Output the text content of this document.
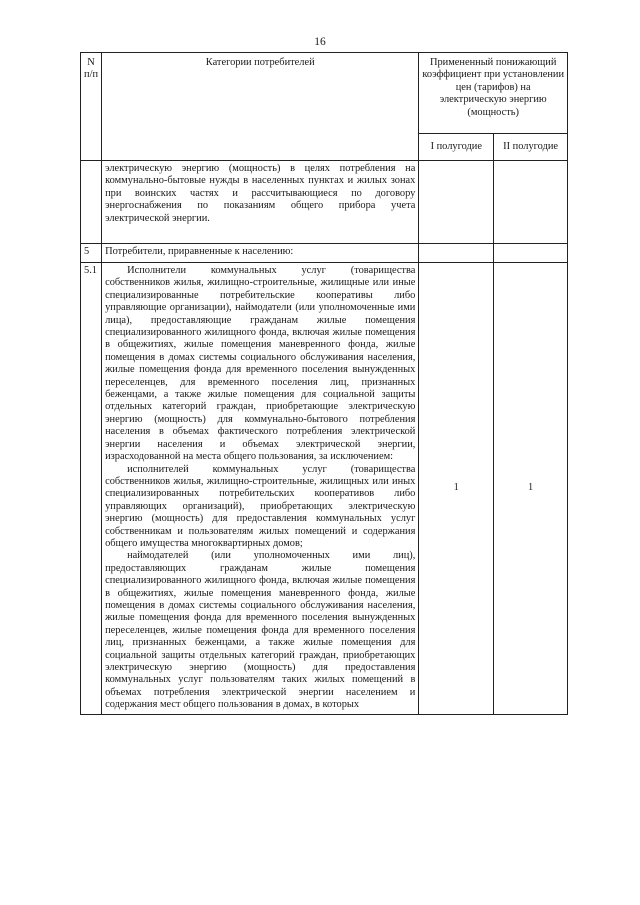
16
N
п/п	Категории потребителей	Примененный понижающий коэффициент при установлении цен (тарифов) на электрическую энергию (мощность)	
		I полугодие	II полугодие
	электрическую энергию (мощность) в целях потребления на коммунально-бытовые нужды в населенных пунктах и жилых зонах при воинских частях и рассчитывающиеся по договору энергоснабжения по показаниям общего прибора учета электрической энергии.		
5	Потребители, приравненные к населению:		
5.1	Исполнители коммунальных услуг (товарищества собственников жилья, жилищно-строительные, жилищные или иные специализированные потребительские кооперативы либо управляющие организации), наймодатели (или уполномоченные ими лица), предоставляющие гражданам жилые помещения специализированного жилищного фонда, включая жилые помещения в общежитиях, жилые помещения маневренного фонда, жилые помещения в домах системы социального обслуживания населения, жилые помещения фонда для временного поселения вынужденных переселенцев, для временного поселения лиц, признанных беженцами, а также жилые помещения для социальной защиты отдельных категорий граждан, приобретающие электрическую энергию (мощность) для коммунально-бытового потребления населения в объемах фактического потребления электрической энергии населения и объемах электрической энергии, израсходованной на места общего пользования, за исключением:

исполнителей коммунальных услуг (товарищества собственников жилья, жилищно-строительные, жилищных или иных специализированных потребительских кооперативов либо управляющих организаций), приобретающих электрическую энергию (мощность) для предоставления коммунальных услуг собственникам и пользователям жилых помещений и содержания общего имущества многоквартирных домов;

наймодателей (или уполномоченных ими лиц), предоставляющих гражданам жилые помещения специализированного жилищного фонда, включая жилые помещения в общежитиях, жилые помещения маневренного фонда, жилые помещения в домах системы социального обслуживания населения, жилые помещения фонда для временного поселения вынужденных переселенцев, жилые помещения фонда для временного поселения лиц, признанных беженцами, а также жилые помещения для социальной защиты отдельных категорий граждан, приобретающих электрическую энергию (мощность) для предоставления коммунальных услуг пользователям таких жилых помещений в объемах потребления электрической энергии населением и содержания мест общего пользования в домах, в которых	1	1
